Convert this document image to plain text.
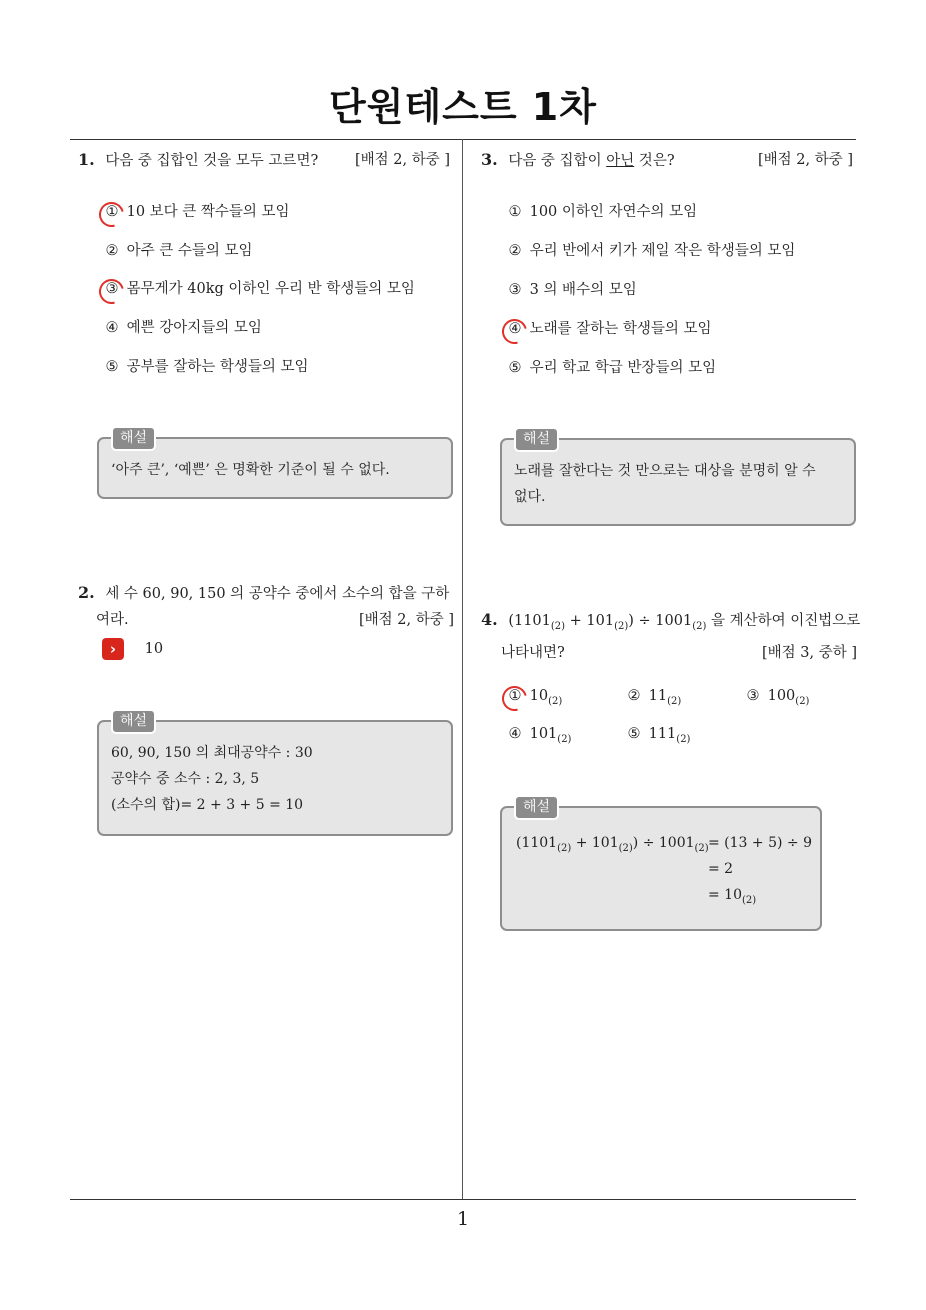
단원테스트 1차
1
1. 다음 중 집합인 것을 모두 고르면?	[배점 2, 하중 ]
① 10 보다 큰 짝수들의 모임
② 아주 큰 수들의 모임
③ 몸무게가 40kg 이하인 우리 반 학생들의 모임
④ 예쁜 강아지들의 모임
⑤ 공부를 잘하는 학생들의 모임
해설
‘아주 큰’, ‘예쁜’ 은 명확한 기준이 될 수 없다.
2. 세 수 60, 90, 150 의 공약수 중에서 소수의 합을 구하
여라.	[배점 2, 하중 ]
› 10
해설
60, 90, 150 의 최대공약수 : 30
공약수 중 소수 : 2, 3, 5
(소수의 합)= 2 + 3 + 5 = 10
3. 다음 중 집합이 아닌 것은?	[배점 2, 하중 ]
① 100 이하인 자연수의 모임
② 우리 반에서 키가 제일 작은 학생들의 모임
③ 3 의 배수의 모임
④ 노래를 잘하는 학생들의 모임
⑤ 우리 학교 학급 반장들의 모임
해설
노래를 잘한다는 것 만으로는 대상을 분명히 알 수
없다.
4. $(1101_{(2)} + 101_{(2)}) \div 1001_{(2)}$ 을 계산하여 이진법으로
나타내면?	[배점 3, 중하 ]
① $10_{(2)}$	② $11_{(2)}$	③ $100_{(2)}$
④ $101_{(2)}$	⑤ $111_{(2)}$
해설
$(1101_{(2)} + 101_{(2)}) \div 1001_{(2)} = (13 + 5) \div 9$
= 2
= $10_{(2)}$
